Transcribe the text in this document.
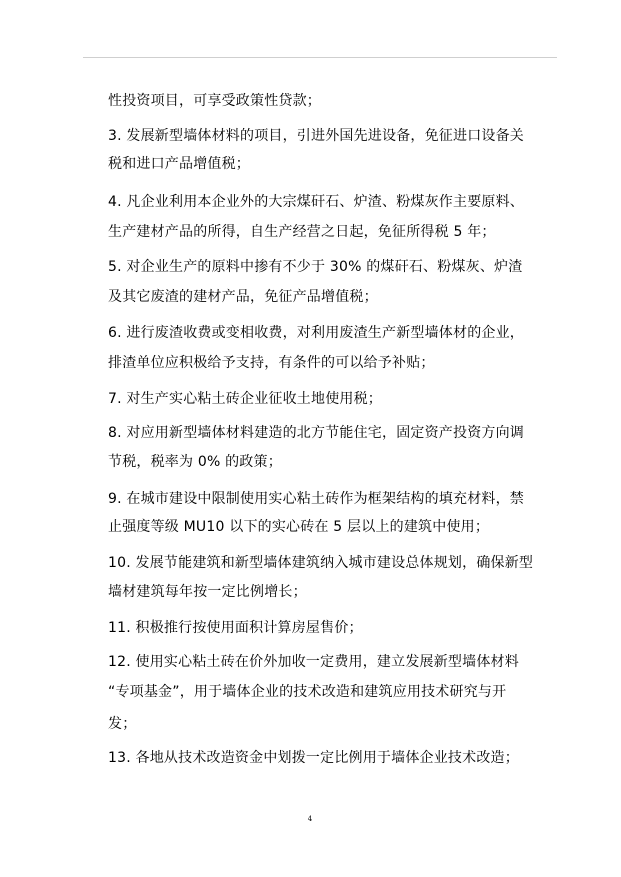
性投资项目，可享受政策性贷款；
3. 发展新型墙体材料的项目，引进外国先进设备，免征进口设备关
税和进口产品增值税；
4. 凡企业利用本企业外的大宗煤矸石、炉渣、粉煤灰作主要原料、
生产建材产品的所得，自生产经营之日起，免征所得税 5 年；
5. 对企业生产的原料中掺有不少于 30% 的煤矸石、粉煤灰、炉渣
及其它废渣的建材产品，免征产品增值税；
6. 进行废渣收费或变相收费，对利用废渣生产新型墙体材的企业，
排渣单位应积极给予支持，有条件的可以给予补贴；
7. 对生产实心粘土砖企业征收土地使用税；
8. 对应用新型墙体材料建造的北方节能住宅，固定资产投资方向调
节税，税率为 0% 的政策；
9. 在城市建设中限制使用实心粘土砖作为框架结构的填充材料，禁
止强度等级 MU10 以下的实心砖在 5 层以上的建筑中使用；
10. 发展节能建筑和新型墙体建筑纳入城市建设总体规划，确保新型
墙材建筑每年按一定比例增长；
11. 积极推行按使用面积计算房屋售价；
12. 使用实心粘土砖在价外加收一定费用，建立发展新型墙体材料
“专项基金”，用于墙体企业的技术改造和建筑应用技术研究与开
发；
13. 各地从技术改造资金中划拨一定比例用于墙体企业技术改造；
4
